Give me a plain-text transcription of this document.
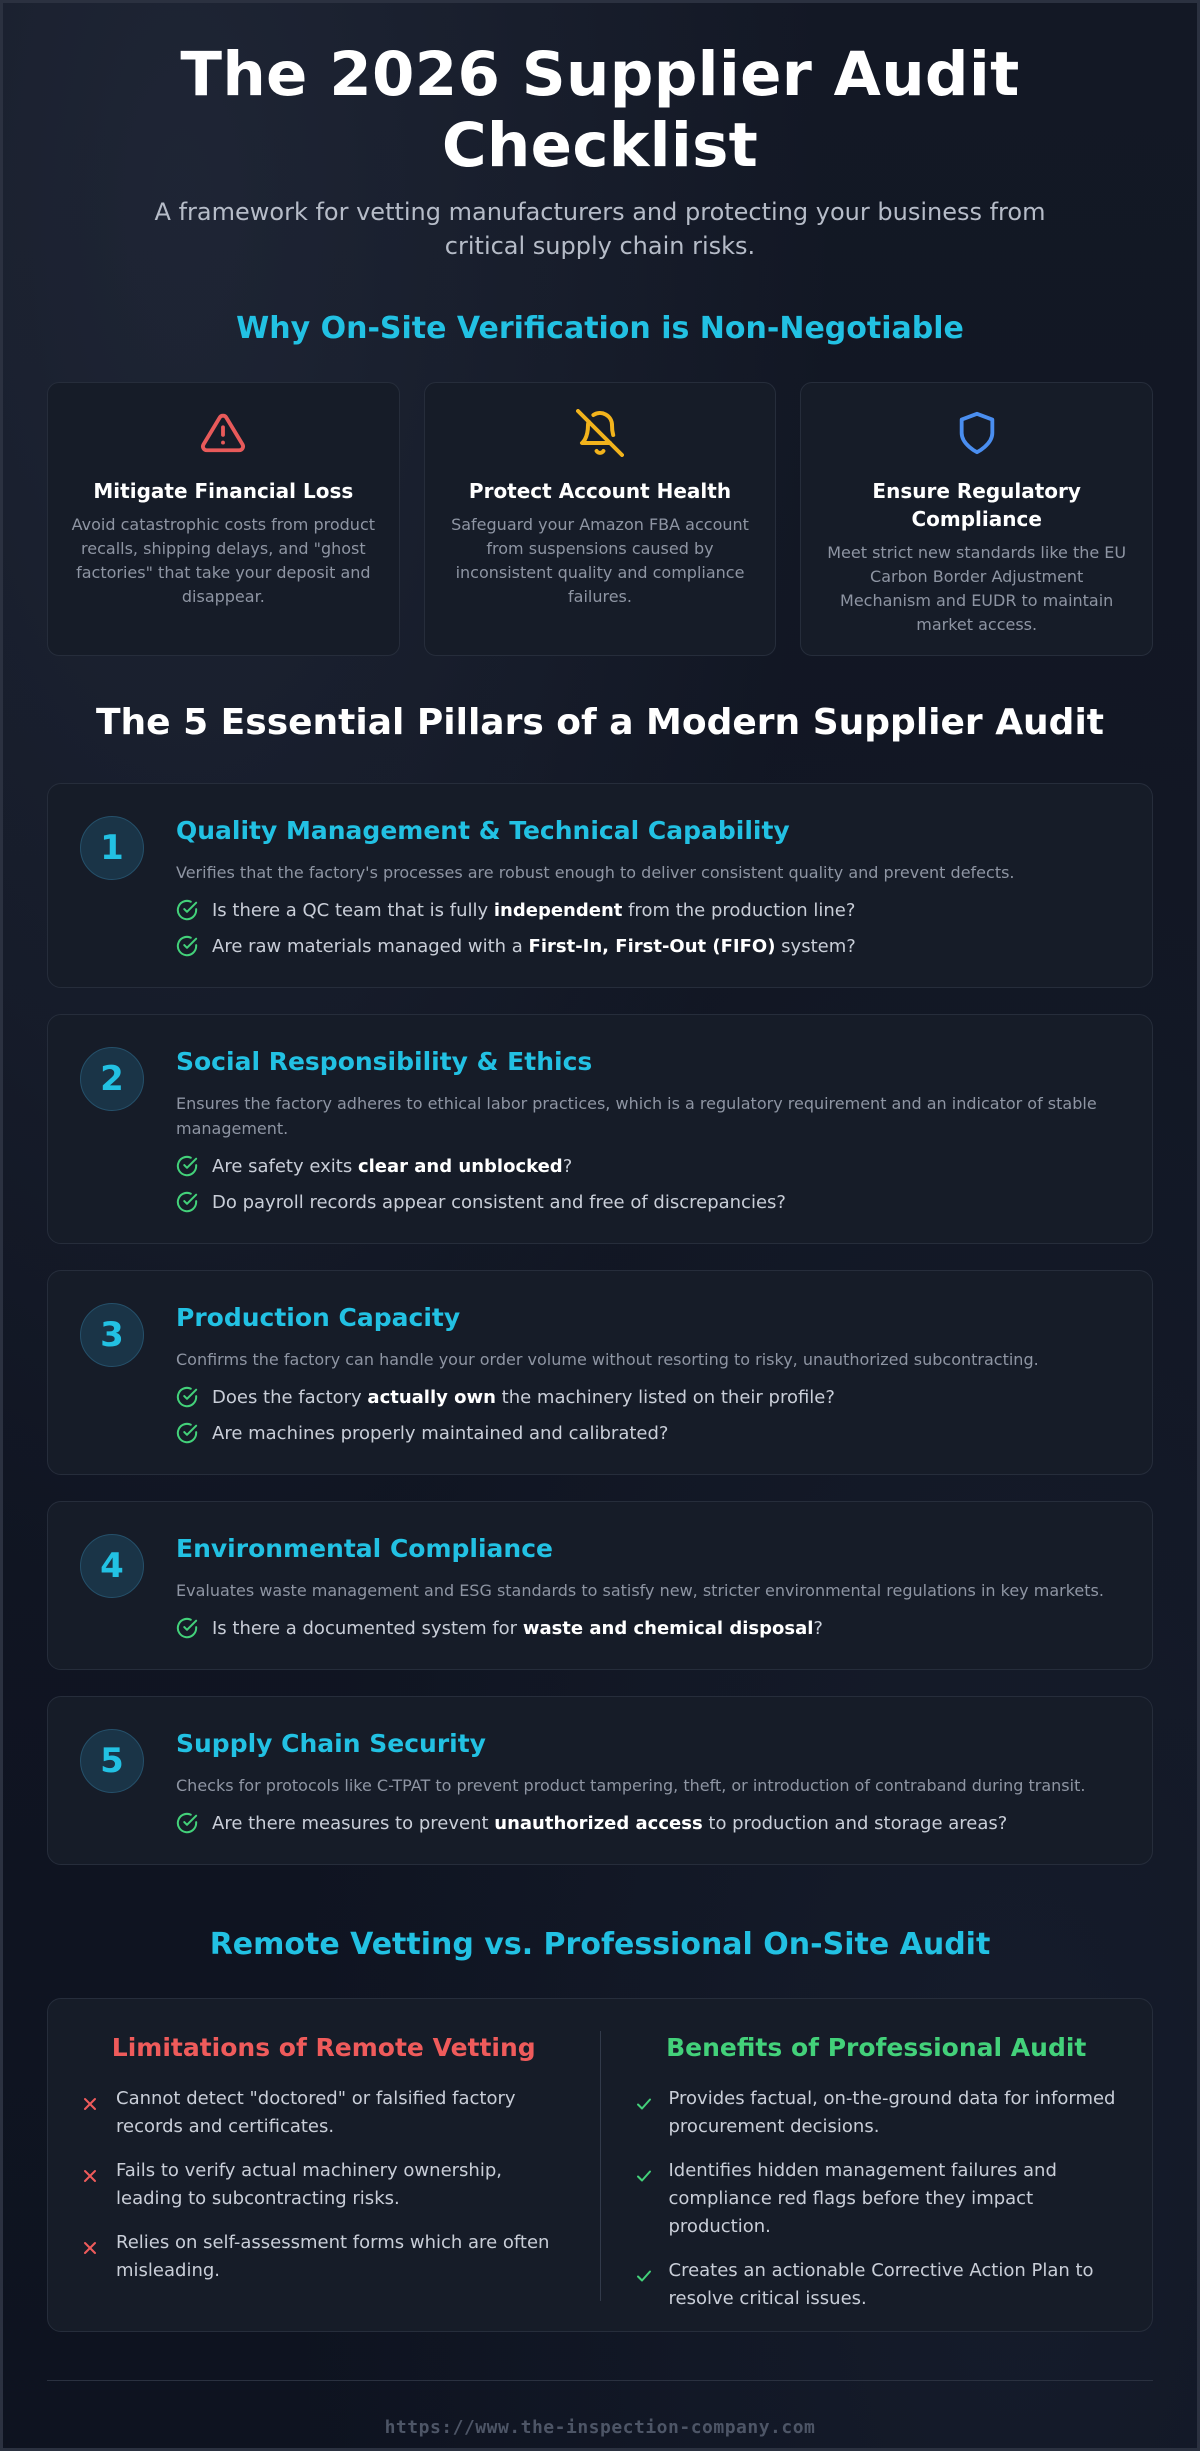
The 2026 Supplier Audit Checklist

A framework for vetting manufacturers and protecting your business from critical supply chain risks.

Why On-Site Verification is Non-Negotiable
Mitigate Financial Loss

Avoid catastrophic costs from product recalls, shipping delays, and "ghost factories" that take your deposit and disappear.

Protect Account Health

Safeguard your Amazon FBA account from suspensions caused by inconsistent quality and compliance failures.

Ensure Regulatory Compliance

Meet strict new standards like the EU Carbon Border Adjustment Mechanism and EUDR to maintain market access.

The 5 Essential Pillars of a Modern Supplier Audit
1	Quality Management & Technical Capability

Verifies that the factory's processes are robust enough to deliver consistent quality and prevent defects.

Is there a QC team that is fully independent from the production line?
Are raw materials managed with a First-In, First-Out (FIFO) system?
2	Social Responsibility & Ethics

Ensures the factory adheres to ethical labor practices, which is a regulatory requirement and an indicator of stable management.

Are safety exits clear and unblocked?
Do payroll records appear consistent and free of discrepancies?
3	Production Capacity

Confirms the factory can handle your order volume without resorting to risky, unauthorized subcontracting.

Does the factory actually own the machinery listed on their profile?
Are machines properly maintained and calibrated?
4	Environmental Compliance

Evaluates waste management and ESG standards to satisfy new, stricter environmental regulations in key markets.

Is there a documented system for waste and chemical disposal?
5	Supply Chain Security

Checks for protocols like C-TPAT to prevent product tampering, theft, or introduction of contraband during transit.

Are there measures to prevent unauthorized access to production and storage areas?
Remote Vetting vs. Professional On-Site Audit
Limitations of Remote Vetting
Cannot detect "doctored" or falsified factory records and certificates.
Fails to verify actual machinery ownership, leading to subcontracting risks.
Relies on self-assessment forms which are often misleading.
Benefits of Professional Audit
Provides factual, on-the-ground data for informed procurement decisions.
Identifies hidden management failures and compliance red flags before they impact production.
Creates an actionable Corrective Action Plan to resolve critical issues.
https://www.the-inspection-company.com
